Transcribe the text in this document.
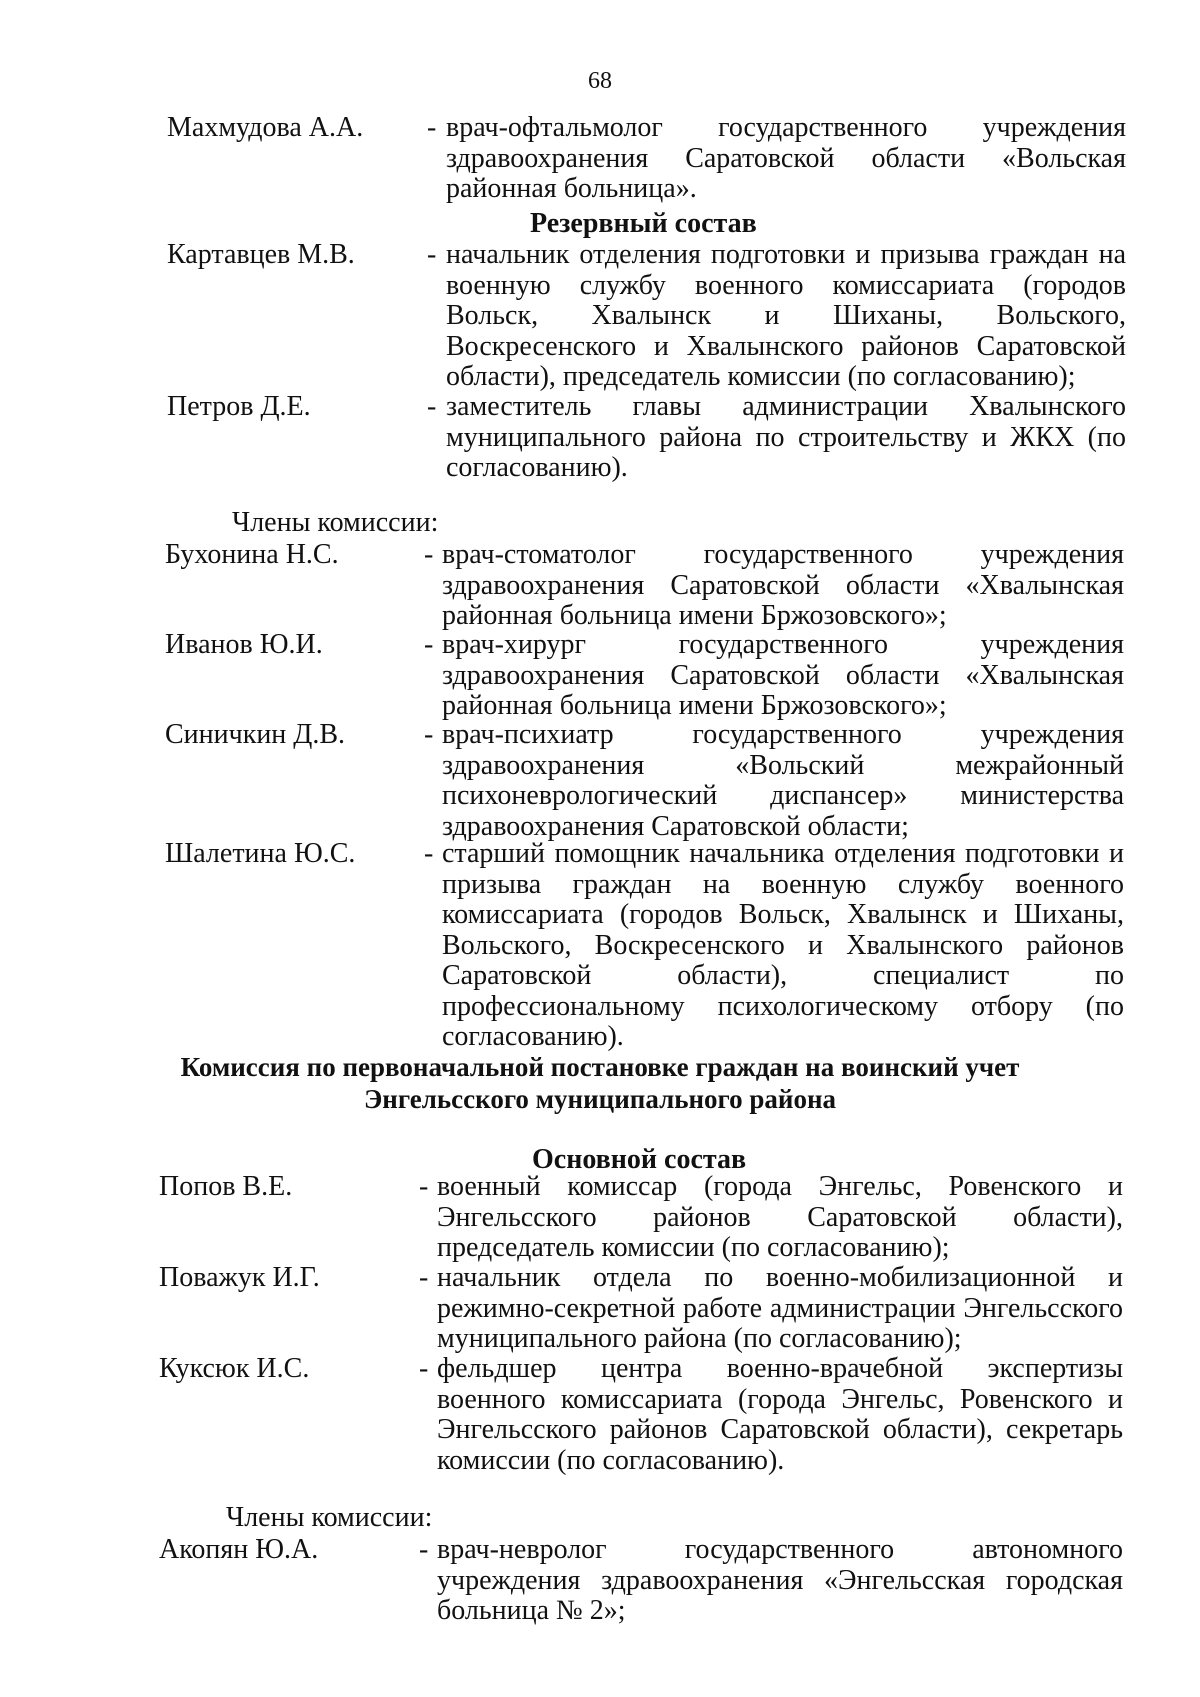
68
Махмудова А.А. - врач-офтальмолог государственного учреждения здравоохранения Саратовской области «Вольская районная больница».
Резервный состав
Картавцев М.В.	- начальник отделения подготовки и призыва граждан на военную службу военного комиссариата (городов Вольск, Хвалынск и Шиханы, Вольского, Воскресенского и Хвалынского районов Саратовской области), председатель комиссии (по согласованию);
Петров Д.Е.	- заместитель главы администрации Хвалынского муниципального района по строительству и ЖКХ (по согласованию).
Члены комиссии:
Бухонина Н.С.	- врач-стоматолог государственного учреждения здравоохранения Саратовской области «Хвалынская районная больница имени Бржозовского»;
Иванов Ю.И.	- врач-хирург государственного учреждения здравоохранения Саратовской области «Хвалынская районная больница имени Бржозовского»;
Синичкин Д.В.	- врач-психиатр государственного учреждения здравоохранения «Вольский межрайонный психоневрологический диспансер» министерства здравоохранения Саратовской области;
Шалетина Ю.С. - старший помощник начальника отделения подготовки и призыва граждан на военную службу военного комиссариата (городов Вольск, Хвалынск и Шиханы, Вольского, Воскресенского и Хвалынского районов Саратовской области), специалист по профессиональному психологическому отбору (по согласованию).
Комиссия по первоначальной постановке граждан на воинский учет
Энгельсского муниципального района
Основной состав
Попов В.Е.	- военный комиссар (города Энгельс, Ровенского и Энгельсского районов Саратовской области), председатель комиссии (по согласованию);
Поважук И.Г.	- начальник отдела по военно-мобилизационной и режимно-секретной работе администрации Энгельсского муниципального района (по согласованию);
Куксюк И.С.	- фельдшер центра военно-врачебной экспертизы военного комиссариата (города Энгельс, Ровенского и Энгельсского районов Саратовской области), секретарь комиссии (по согласованию).
Члены комиссии:
Акопян Ю.А.	- врач-невролог государственного автономного учреждения здравоохранения «Энгельсская городская больница № 2»;
